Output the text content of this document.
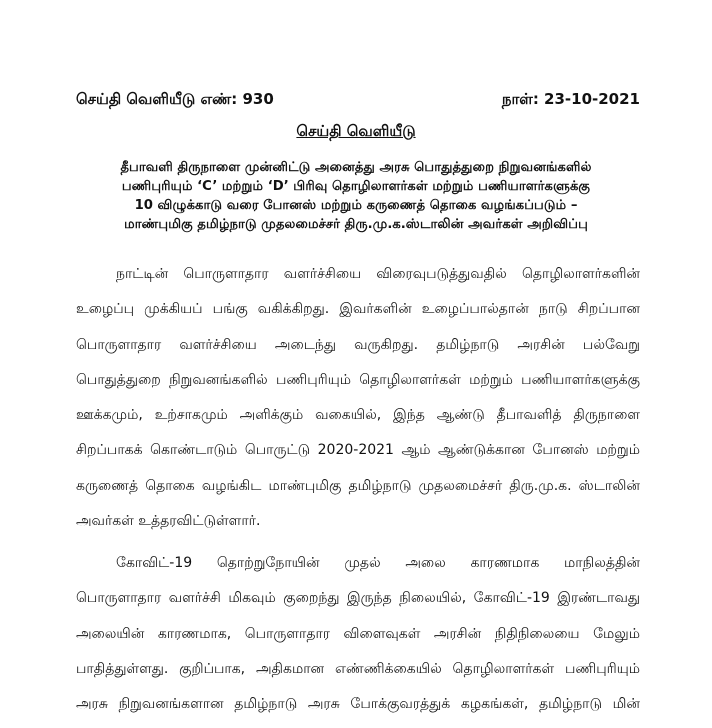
செய்தி வெளியீடு எண்: 930	நாள்: 23-10-2021
செய்தி வெளியீடு
தீபாவளி திருநாளை முன்னிட்டு அனைத்து அரசு பொதுத்துறை நிறுவனங்களில்
பணிபுரியும் ‘C’ மற்றும் ‘D’ பிரிவு தொழிலாளர்கள் மற்றும் பணியாளர்களுக்கு
10 விழுக்காடு வரை போனஸ் மற்றும் கருணைத் தொகை வழங்கப்படும் –
மாண்புமிகு தமிழ்நாடு முதலமைச்சர் திரு.மு.க.ஸ்டாலின் அவர்கள் அறிவிப்பு
நாட்டின் பொருளாதார வளர்ச்சியை விரைவுபடுத்துவதில் தொழிலாளர்களின்
உழைப்பு முக்கியப் பங்கு வகிக்கிறது. இவர்களின் உழைப்பால்தான் நாடு சிறப்பான
பொருளாதார வளர்ச்சியை அடைந்து வருகிறது. தமிழ்நாடு அரசின் பல்வேறு
பொதுத்துறை நிறுவனங்களில் பணிபுரியும் தொழிலாளர்கள் மற்றும் பணியாளர்களுக்கு
ஊக்கமும், உற்சாகமும் அளிக்கும் வகையில், இந்த ஆண்டு தீபாவளித் திருநாளை
சிறப்பாகக் கொண்டாடும் பொருட்டு 2020-2021 ஆம் ஆண்டுக்கான போனஸ் மற்றும்
கருணைத் தொகை வழங்கிட மாண்புமிகு தமிழ்நாடு முதலமைச்சர் திரு.மு.க. ஸ்டாலின்
அவர்கள் உத்தரவிட்டுள்ளார்.
கோவிட்-19 தொற்றுநோயின் முதல் அலை காரணமாக மாநிலத்தின்
பொருளாதார வளர்ச்சி மிகவும் குறைந்து இருந்த நிலையில், கோவிட்-19 இரண்டாவது
அலையின் காரணமாக, பொருளாதார விளைவுகள் அரசின் நிதிநிலையை மேலும்
பாதித்துள்ளது. குறிப்பாக, அதிகமான எண்ணிக்கையில் தொழிலாளர்கள் பணிபுரியும்
அரசு நிறுவனங்களான தமிழ்நாடு அரசு போக்குவரத்துக் கழகங்கள், தமிழ்நாடு மின்
